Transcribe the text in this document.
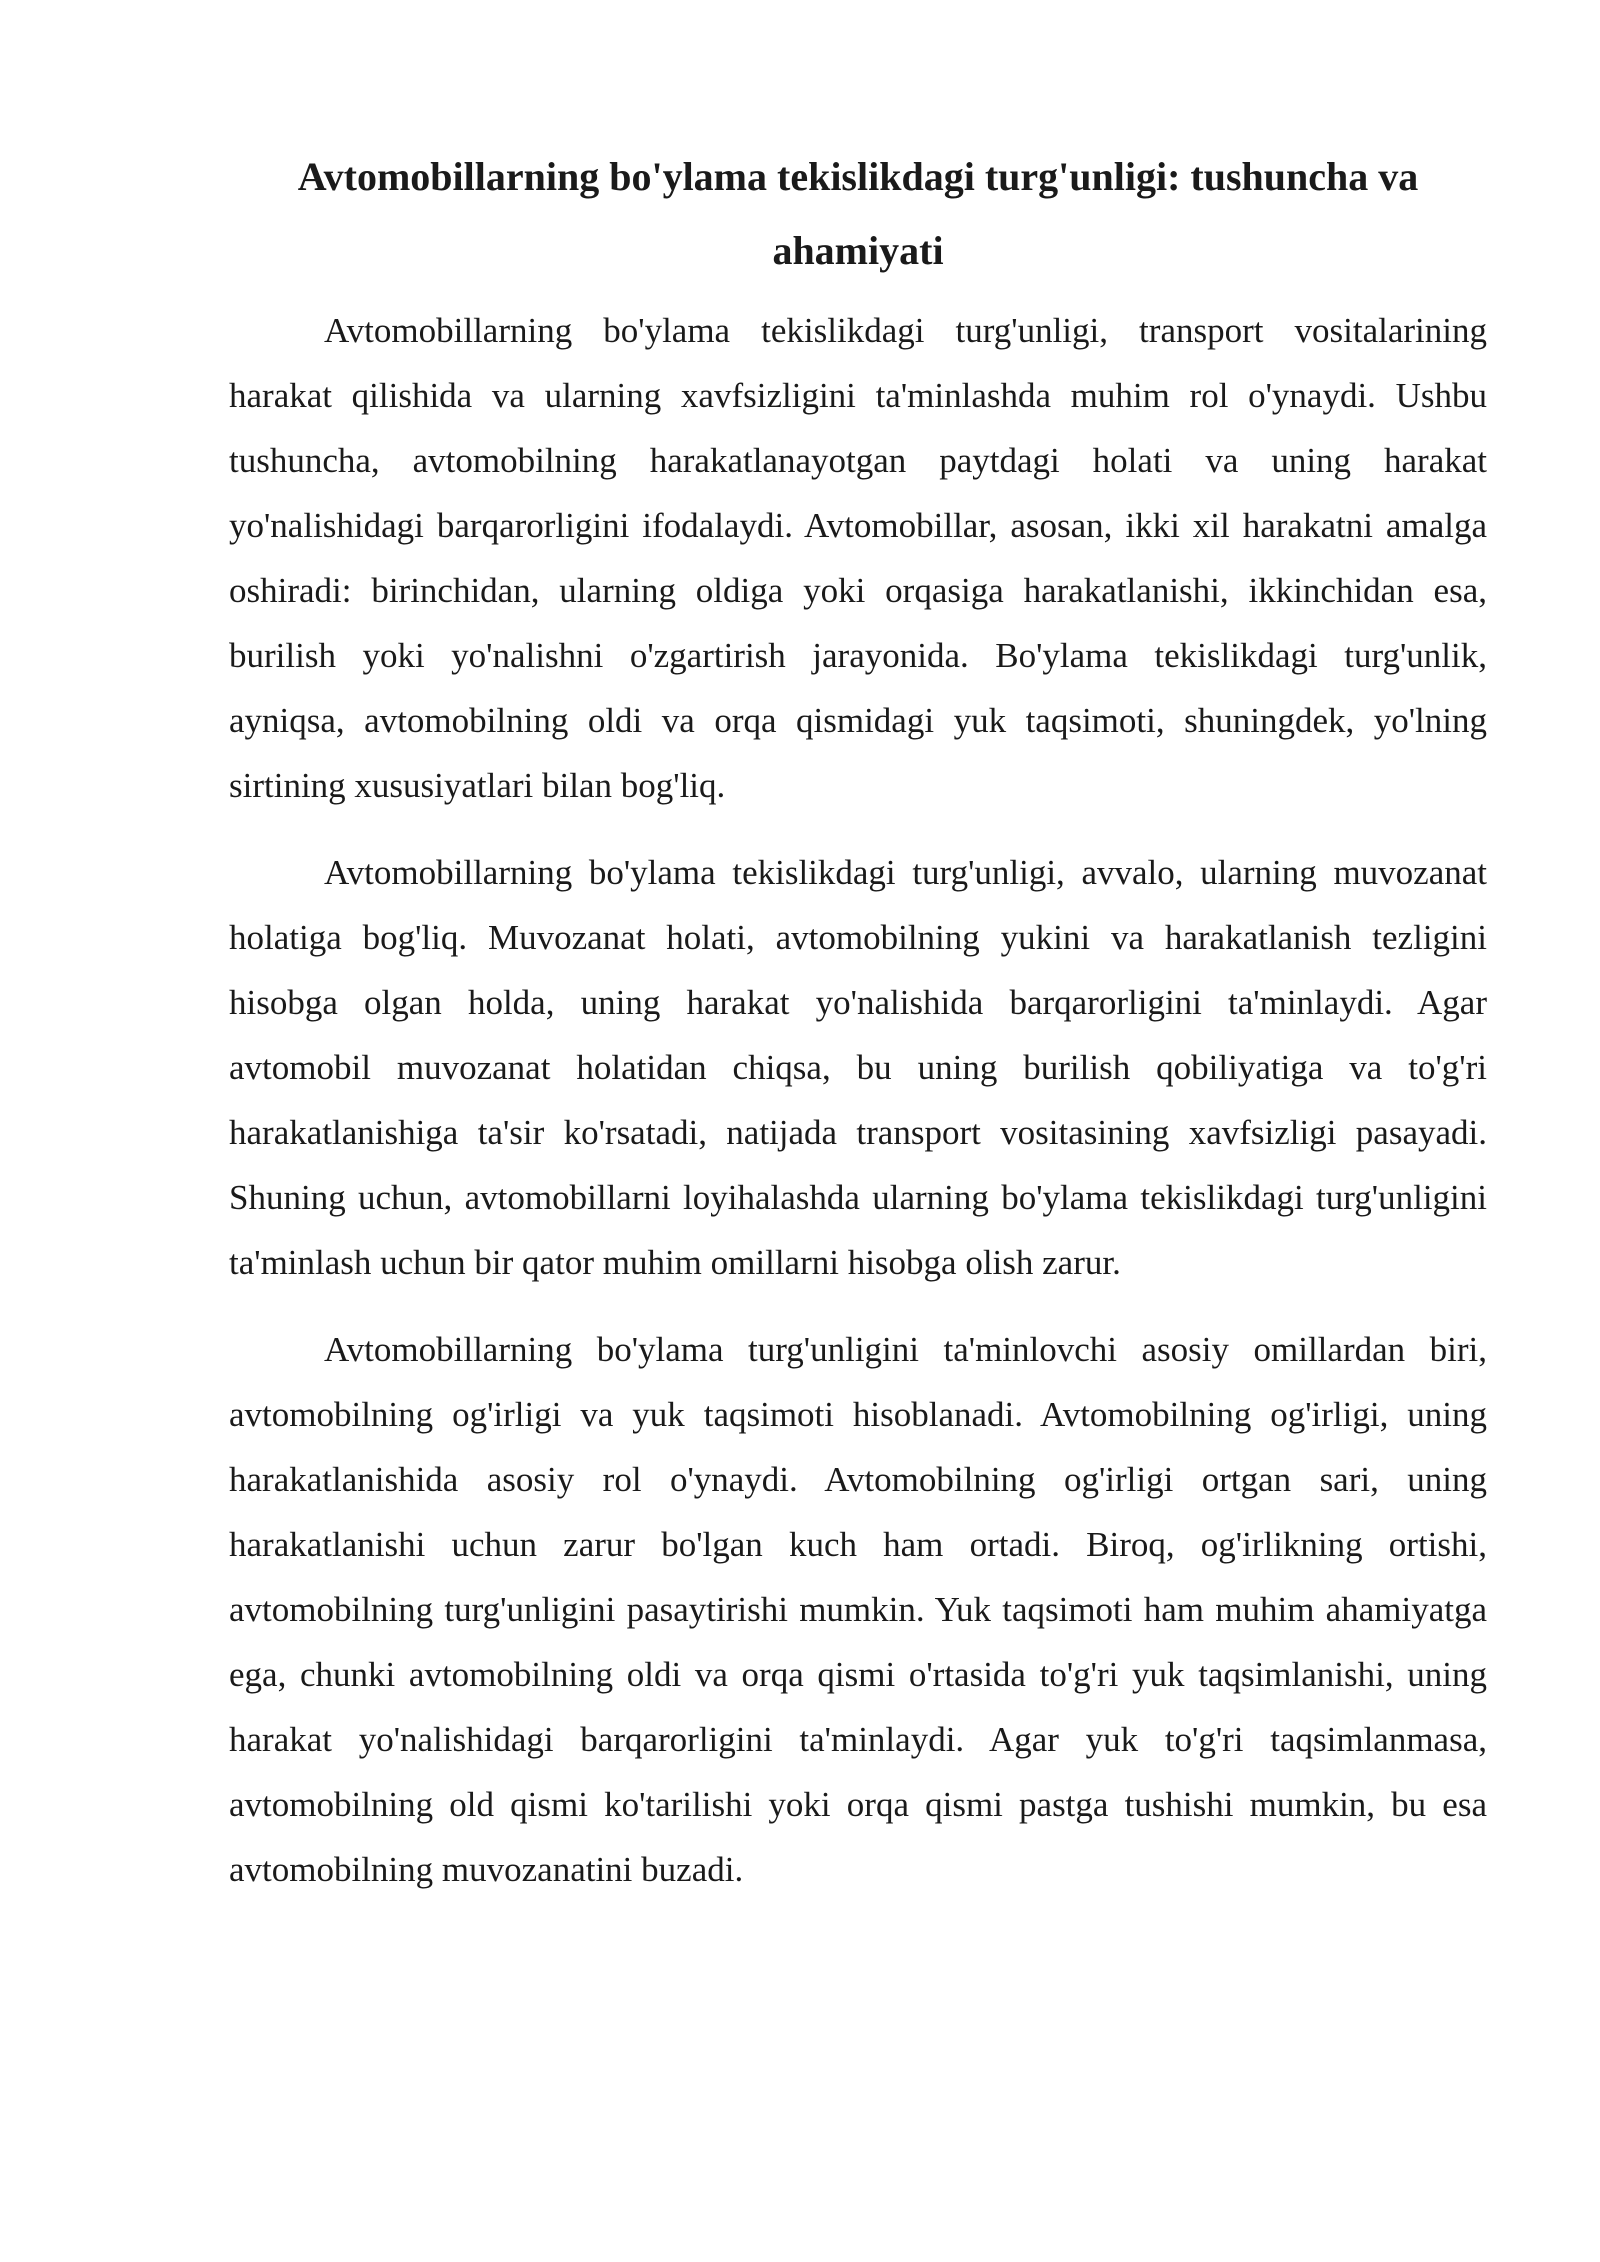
Avtomobillarning bo'ylama tekislikdagi turg'unligi: tushuncha va ahamiyati

Avtomobillarning bo'ylama tekislikdagi turg'unligi, transport vositalarining harakat qilishida va ularning xavfsizligini ta'minlashda muhim rol o'ynaydi. Ushbu tushuncha, avtomobilning harakatlanayotgan paytdagi holati va uning harakat yo'nalishidagi barqarorligini ifodalaydi. Avtomobillar, asosan, ikki xil harakatni amalga oshiradi: birinchidan, ularning oldiga yoki orqasiga harakatlanishi, ikkinchidan esa, burilish yoki yo'nalishni o'zgartirish jarayonida. Bo'ylama tekislikdagi turg'unlik, ayniqsa, avtomobilning oldi va orqa qismidagi yuk taqsimoti, shuningdek, yo'lning sirtining xususiyatlari bilan bog'liq.

Avtomobillarning bo'ylama tekislikdagi turg'unligi, avvalo, ularning muvozanat holatiga bog'liq. Muvozanat holati, avtomobilning yukini va harakatlanish tezligini hisobga olgan holda, uning harakat yo'nalishida barqarorligini ta'minlaydi. Agar avtomobil muvozanat holatidan chiqsa, bu uning burilish qobiliyatiga va to'g'ri harakatlanishiga ta'sir ko'rsatadi, natijada transport vositasining xavfsizligi pasayadi. Shuning uchun, avtomobillarni loyihalashda ularning bo'ylama tekislikdagi turg'unligini ta'minlash uchun bir qator muhim omillarni hisobga olish zarur.

Avtomobillarning bo'ylama turg'unligini ta'minlovchi asosiy omillardan biri, avtomobilning og'irligi va yuk taqsimoti hisoblanadi. Avtomobilning og'irligi, uning harakatlanishida asosiy rol o'ynaydi. Avtomobilning og'irligi ortgan sari, uning harakatlanishi uchun zarur bo'lgan kuch ham ortadi. Biroq, og'irlikning ortishi, avtomobilning turg'unligini pasaytirishi mumkin. Yuk taqsimoti ham muhim ahamiyatga ega, chunki avtomobilning oldi va orqa qismi o'rtasida to'g'ri yuk taqsimlanishi, uning harakat yo'nalishidagi barqarorligini ta'minlaydi. Agar yuk to'g'ri taqsimlanmasa, avtomobilning old qismi ko'tarilishi yoki orqa qismi pastga tushishi mumkin, bu esa avtomobilning muvozanatini buzadi.
